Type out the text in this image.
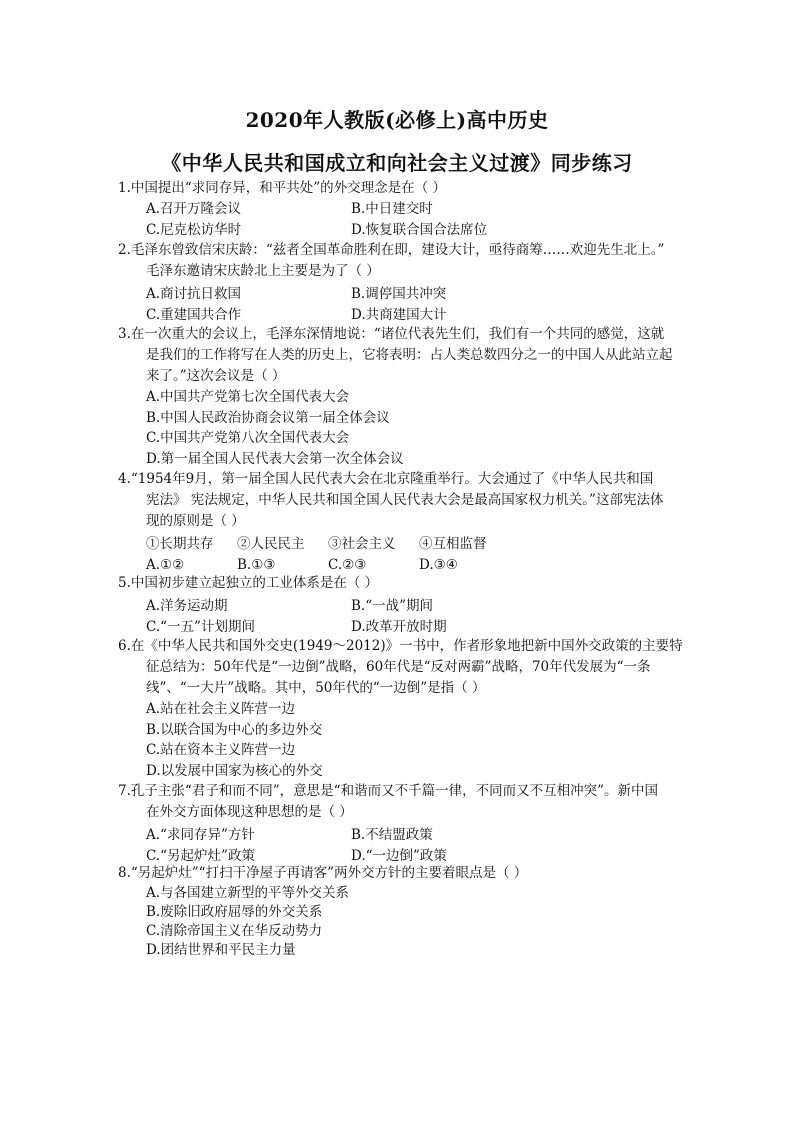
2020年人教版(必修上)高中历史
《中华人民共和国成立和向社会主义过渡》同步练习
1.中国提出“求同存异，和平共处”的外交理念是在（ ）
A.召开万隆会议	B.中日建交时
C.尼克松访华时	D.恢复联合国合法席位
2.毛泽东曾致信宋庆龄：“兹者全国革命胜利在即，建设大计，亟待商筹……欢迎先生北上。”
毛泽东邀请宋庆龄北上主要是为了（ ）
A.商讨抗日救国	B.调停国共冲突
C.重建国共合作	D.共商建国大计
3.在一次重大的会议上，毛泽东深情地说：“诸位代表先生们，我们有一个共同的感觉，这就
是我们的工作将写在人类的历史上，它将表明：占人类总数四分之一的中国人从此站立起
来了。”这次会议是（ ）
A.中国共产党第七次全国代表大会
B.中国人民政治协商会议第一届全体会议
C.中国共产党第八次全国代表大会
D.第一届全国人民代表大会第一次全体会议
4.“1954年9月，第一届全国人民代表大会在北京隆重举行。大会通过了《中华人民共和国
宪法》 宪法规定，中华人民共和国全国人民代表大会是最高国家权力机关。”这部宪法体
现的原则是（ ）
①长期共存	②人民民主	③社会主义	④互相监督
A.①②	B.①③	C.②③	D.③④
5.中国初步建立起独立的工业体系是在（ ）
A.洋务运动期	B.“一战”期间
C.“一五”计划期间	D.改革开放时期
6.在《中华人民共和国外交史(1949～2012)》一书中，作者形象地把新中国外交政策的主要特
征总结为：50年代是“一边倒”战略，60年代是“反对两霸”战略，70年代发展为“一条
线”、“一大片”战略。其中，50年代的“一边倒”是指（ ）
A.站在社会主义阵营一边
B.以联合国为中心的多边外交
C.站在资本主义阵营一边
D.以发展中国家为核心的外交
7.孔子主张“君子和而不同”，意思是“和谐而又不千篇一律，不同而又不互相冲突”。新中国
在外交方面体现这种思想的是（ ）
A.“求同存异”方针	B.不结盟政策
C.“另起炉灶”政策	D.“一边倒”政策
8.“另起炉灶”“打扫干净屋子再请客”两外交方针的主要着眼点是（ ）
A.与各国建立新型的平等外交关系
B.废除旧政府屈辱的外交关系
C.清除帝国主义在华反动势力
D.团结世界和平民主力量
